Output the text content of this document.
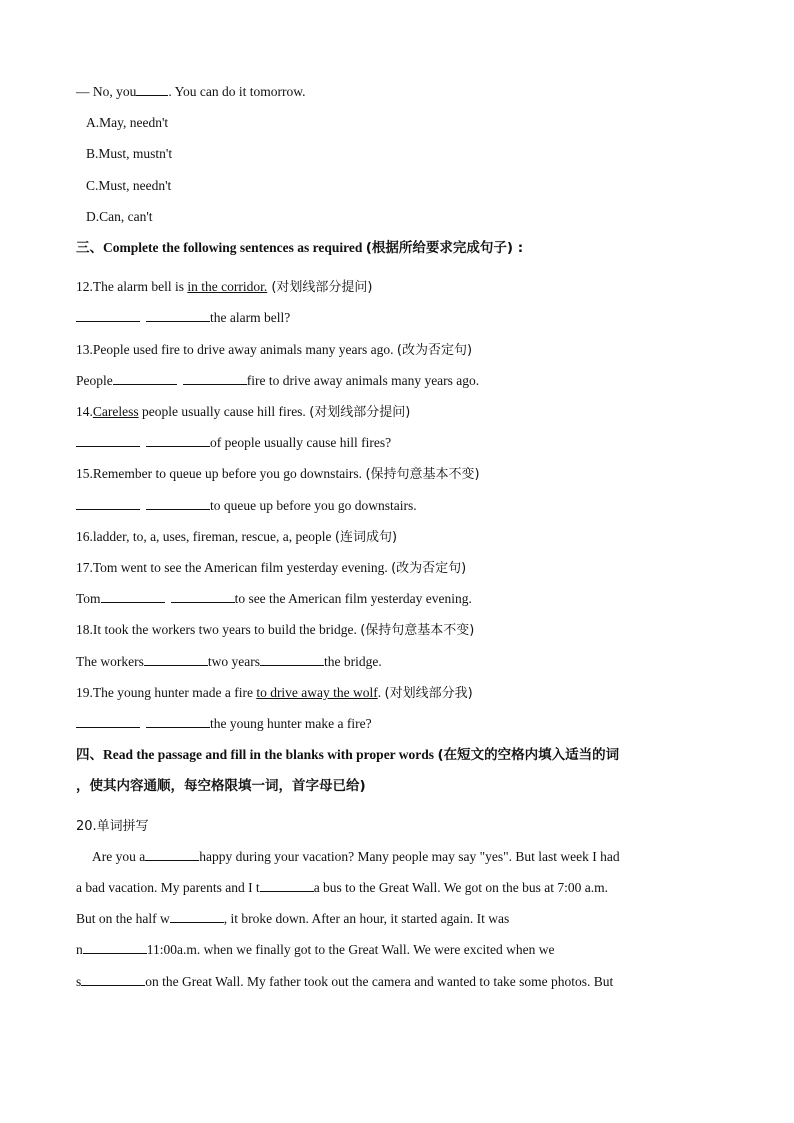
— No, you . You can do it tomorrow.
A.May, needn't
B.Must, mustn't
C.Must, needn't
D.Can, can't
三、Complete the following sentences as required (根据所给要求完成句子) :
12.The alarm bell is in the corridor. (对划线部分提问)
the alarm bell?
13.People used fire to drive away animals many years ago. (改为否定句)
People	fire to drive away animals many years ago.
14.Careless people usually cause hill fires. (对划线部分提问)
of people usually cause hill fires?
15.Remember to queue up before you go downstairs. (保持句意基本不变)
to queue up before you go downstairs.
16.ladder, to, a, uses, fireman, rescue, a, people (连词成句)
17.Tom went to see the American film yesterday evening. (改为否定句)
Tom	to see the American film yesterday evening.
18.It took the workers two years to build the bridge. (保持句意基本不变)
The workers	two years	the bridge.
19.The young hunter made a fire to drive away the wolf. (对划线部分我)
the young hunter make a fire?
四、Read the passage and fill in the blanks with proper words (在短文的空格内填入适当的词
，使其内容通顺，每空格限填一词，首字母已给)
20.单词拼写
Are you a	happy during your vacation? Many people may say "yes". But last week I had
a bad vacation. My parents and I t	a bus to the Great Wall. We got on the bus at 7:00 a.m.
But on the half w	, it broke down. After an hour, it started again. It was
n	11:00a.m. when we finally got to the Great Wall. We were excited when we
s	on the Great Wall. My father took out the camera and wanted to take some photos. But
